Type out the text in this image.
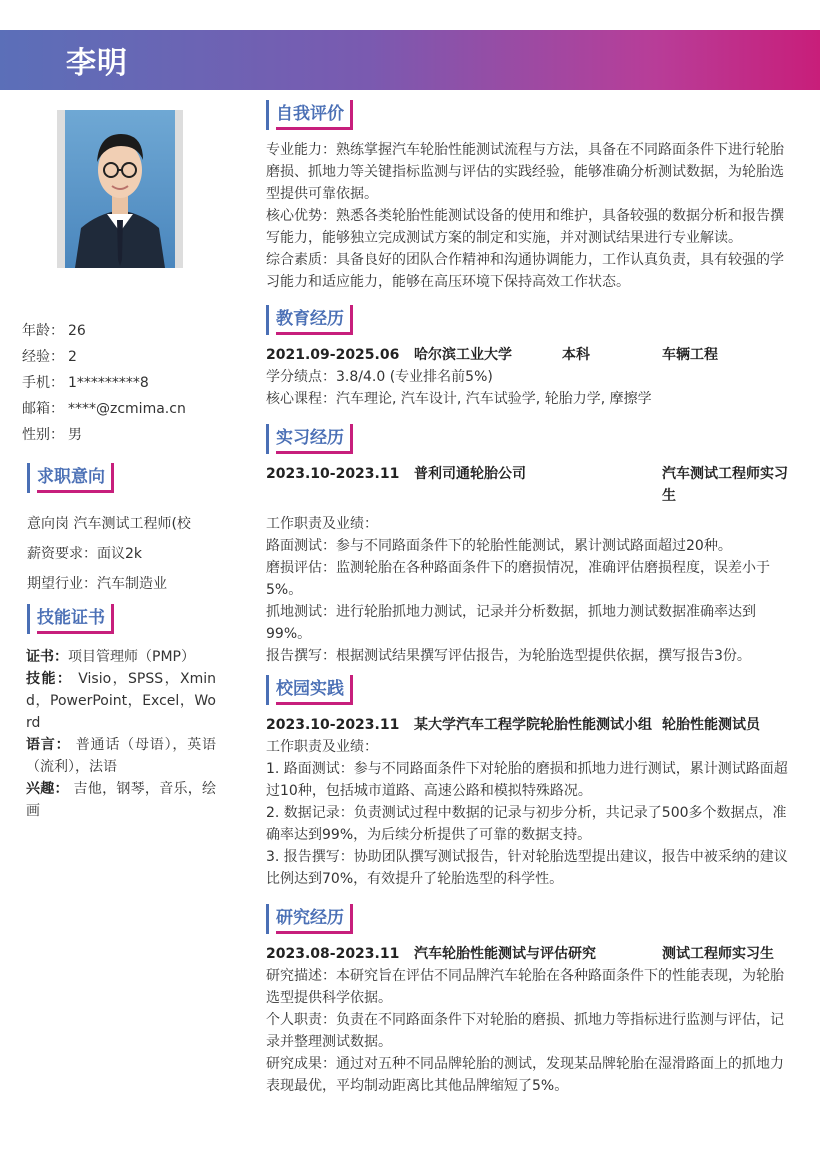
李明
年龄： 26
经验： 2
手机： 1*********8
邮箱： ****@zcmima.cn
性别： 男
求职意向
意向岗 汽车测试工程师(校
薪资要求：面议2k
期望行业：汽车制造业
技能证书
证书：项目管理师（PMP）
技能： Visio，SPSS，Xmind，PowerPoint，Excel，Word
语言： 普通话（母语），英语（流利），法语
兴趣： 吉他，钢琴，音乐，绘画
自我评价

专业能力：熟练掌握汽车轮胎性能测试流程与方法，具备在不同路面条件下进行轮胎磨损、抓地力等关键指标监测与评估的实践经验，能够准确分析测试数据，为轮胎选型提供可靠依据。

核心优势：熟悉各类轮胎性能测试设备的使用和维护，具备较强的数据分析和报告撰写能力，能够独立完成测试方案的制定和实施，并对测试结果进行专业解读。

综合素质：具备良好的团队合作精神和沟通协调能力，工作认真负责，具有较强的学习能力和适应能力，能够在高压环境下保持高效工作状态。

教育经历
2021.09-2025.06	哈尔滨工业大学	本科	车辆工程

学分绩点：3.8/4.0 (专业排名前5%)

核心课程：汽车理论, 汽车设计, 汽车试验学, 轮胎力学, 摩擦学

实习经历
2023.10-2023.11	普利司通轮胎公司	汽车测试工程师实习生

工作职责及业绩：

路面测试：参与不同路面条件下的轮胎性能测试，累计测试路面超过20种。

磨损评估：监测轮胎在各种路面条件下的磨损情况，准确评估磨损程度，误差小于5%。

抓地测试：进行轮胎抓地力测试，记录并分析数据，抓地力测试数据准确率达到99%。

报告撰写：根据测试结果撰写评估报告，为轮胎选型提供依据，撰写报告3份。

校园实践
2023.10-2023.11	某大学汽车工程学院轮胎性能测试小组 轮胎性能测试员

工作职责及业绩：

1. 路面测试：参与不同路面条件下对轮胎的磨损和抓地力进行测试，累计测试路面超过10种，包括城市道路、高速公路和模拟特殊路况。

2. 数据记录：负责测试过程中数据的记录与初步分析，共记录了500多个数据点，准确率达到99%，为后续分析提供了可靠的数据支持。

3. 报告撰写：协助团队撰写测试报告，针对轮胎选型提出建议，报告中被采纳的建议比例达到70%，有效提升了轮胎选型的科学性。

研究经历
2023.08-2023.11	汽车轮胎性能测试与评估研究	测试工程师实习生

研究描述：本研究旨在评估不同品牌汽车轮胎在各种路面条件下的性能表现，为轮胎选型提供科学依据。

个人职责：负责在不同路面条件下对轮胎的磨损、抓地力等指标进行监测与评估，记录并整理测试数据。

研究成果：通过对五种不同品牌轮胎的测试，发现某品牌轮胎在湿滑路面上的抓地力表现最优，平均制动距离比其他品牌缩短了5%。
